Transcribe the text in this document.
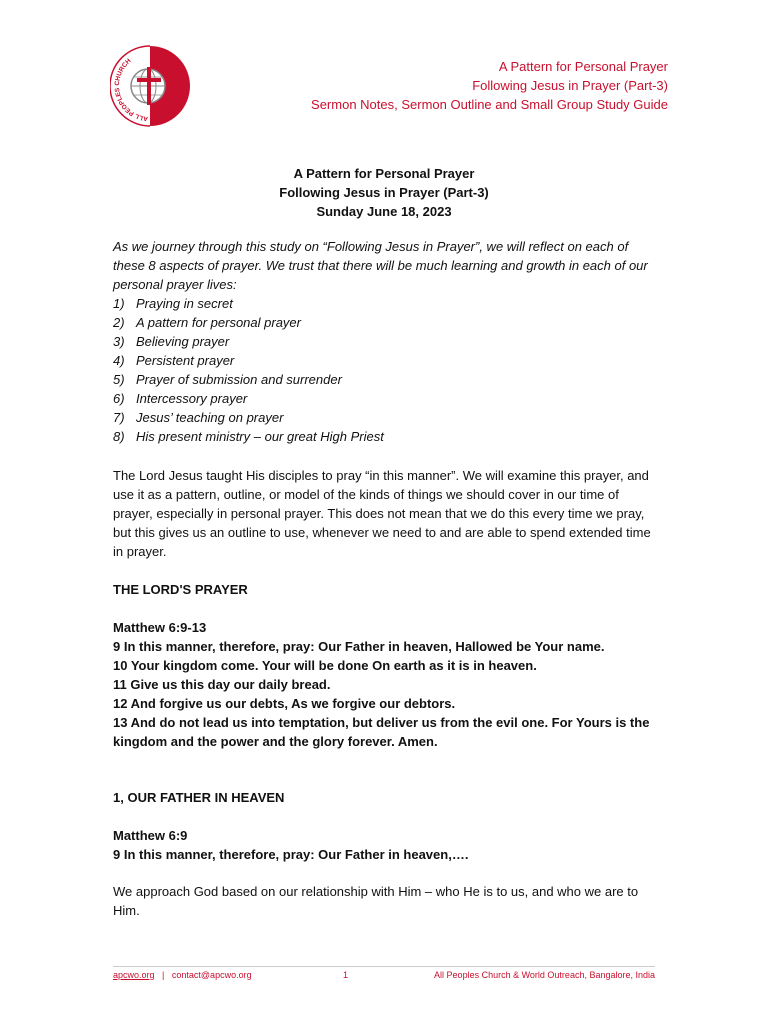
ALL PEOPLES CHURCH	A Pattern for Personal Prayer
Following Jesus in Prayer (Part-3)
Sermon Notes, Sermon Outline and Small Group Study Guide
A Pattern for Personal Prayer
Following Jesus in Prayer (Part-3)
Sunday June 18, 2023

As we journey through this study on “Following Jesus in Prayer”, we will reflect on each of these 8 aspects of prayer. We trust that there will be much learning and growth in each of our personal prayer lives:

1) Praying in secret
2) A pattern for personal prayer
3) Believing prayer
4) Persistent prayer
5) Prayer of submission and surrender
6) Intercessory prayer
7) Jesus’ teaching on prayer
8) His present ministry – our great High Priest
The Lord Jesus taught His disciples to pray “in this manner”. We will examine this prayer, and use it as a pattern, outline, or model of the kinds of things we should cover in our time of prayer, especially in personal prayer. This does not mean that we do this every time we pray, but this gives us an outline to use, whenever we need to and are able to spend extended time in prayer.
THE LORD'S PRAYER
Matthew 6:9-13
9 In this manner, therefore, pray: Our Father in heaven, Hallowed be Your name.
10 Your kingdom come. Your will be done On earth as it is in heaven.
11 Give us this day our daily bread.
12 And forgive us our debts, As we forgive our debtors.
13 And do not lead us into temptation, but deliver us from the evil one. For Yours is the kingdom and the power and the glory forever. Amen.
1, OUR FATHER IN HEAVEN
Matthew 6:9
9 In this manner, therefore, pray: Our Father in heaven,….
We approach God based on our relationship with Him – who He is to us, and who we are to Him.
apcwo.org   |   contact@apcwo.org	1	All Peoples Church & World Outreach, Bangalore, India
